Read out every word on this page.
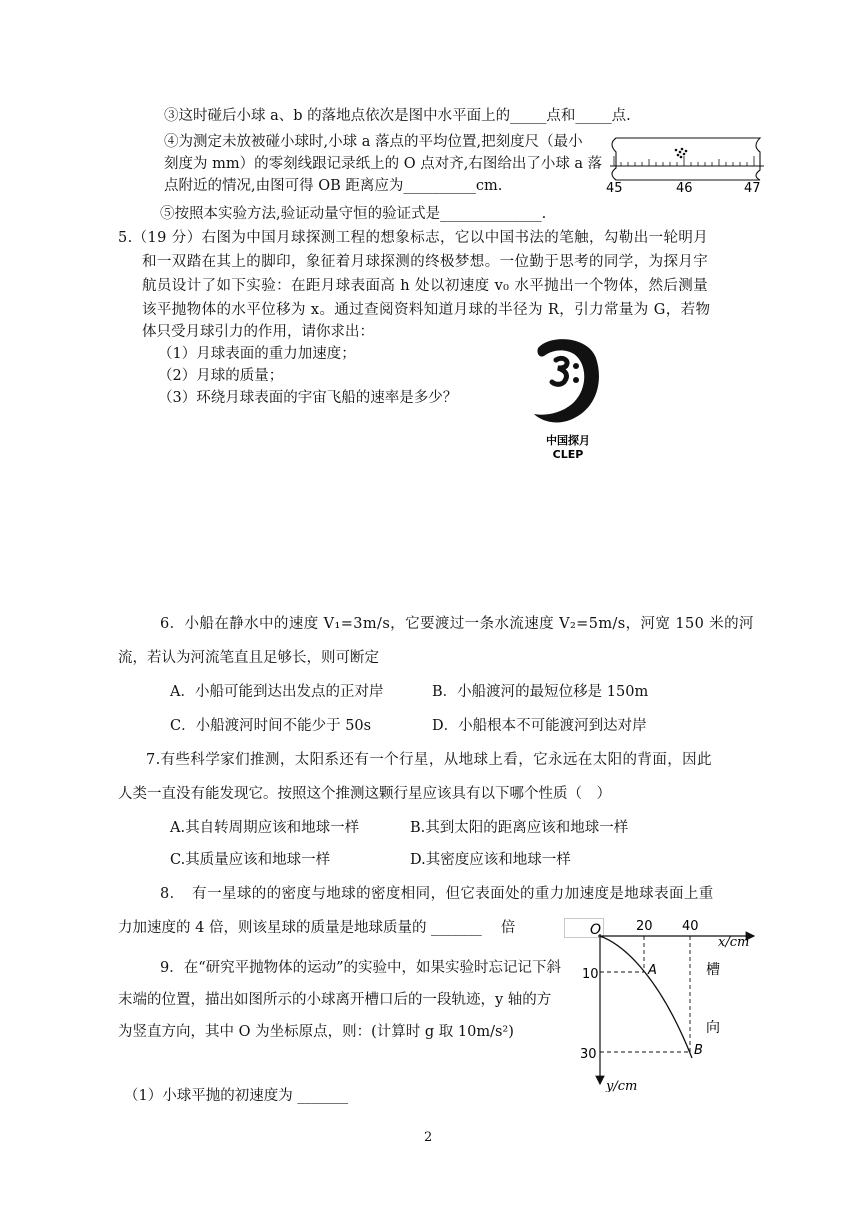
③这时碰后小球 a、b 的落地点依次是图中水平面上的_____点和_____点.
④为测定未放被碰小球时,小球 a 落点的平均位置,把刻度尺（最小
刻度为 mm）的零刻线跟记录纸上的 O 点对齐,右图给出了小球 a 落
点附近的情况,由图可得 OB 距离应为__________cm.
⑤按照本实验方法,验证动量守恒的验证式是______________.
45	46	47
5.（19 分）右图为中国月球探测工程的想象标志，它以中国书法的笔触，勾勒出一轮明月
和一双踏在其上的脚印，象征着月球探测的终极梦想。一位勤于思考的同学，为探月宇
航员设计了如下实验：在距月球表面高 h 处以初速度 v₀ 水平抛出一个物体，然后测量
该平抛物体的水平位移为 x。通过查阅资料知道月球的半径为 R，引力常量为 G，若物
体只受月球引力的作用，请你求出：
（1）月球表面的重力加速度；
（2）月球的质量；
（3）环绕月球表面的宇宙飞船的速率是多少？
中国探月
CLEP
6．小船在静水中的速度 V₁=3m/s，它要渡过一条水流速度 V₂=5m/s，河宽 150 米的河
流，若认为河流笔直且足够长，则可断定
A．小船可能到达出发点的正对岸	B．小船渡河的最短位移是 150m
C．小船渡河时间不能少于 50s	D．小船根本不可能渡河到达对岸
7.有些科学家们推测，太阳系还有一个行星，从地球上看，它永远在太阳的背面，因此
人类一直没有能发现它。按照这个推测这颗行星应该具有以下哪个性质（　）
A.其自转周期应该和地球一样	B.其到太阳的距离应该和地球一样
C.其质量应该和地球一样	D.其密度应该和地球一样
8．　有一星球的的密度与地球的密度相同，但它表面处的重力加速度是地球表面上重
力加速度的 4 倍，则该星球的质量是地球质量的 _______　 倍
9．在“研究平抛物体的运动”的实验中，如果实验时忘记记下斜
末端的位置，描出如图所示的小球离开槽口后的一段轨迹，y 轴的方
为竖直方向，其中 O 为坐标原点，则：(计算时 g 取 10m/s²)
（1）小球平抛的初速度为 _______
O	20 40
x/cm
10
30
y/cm
A
B
槽
向
2
